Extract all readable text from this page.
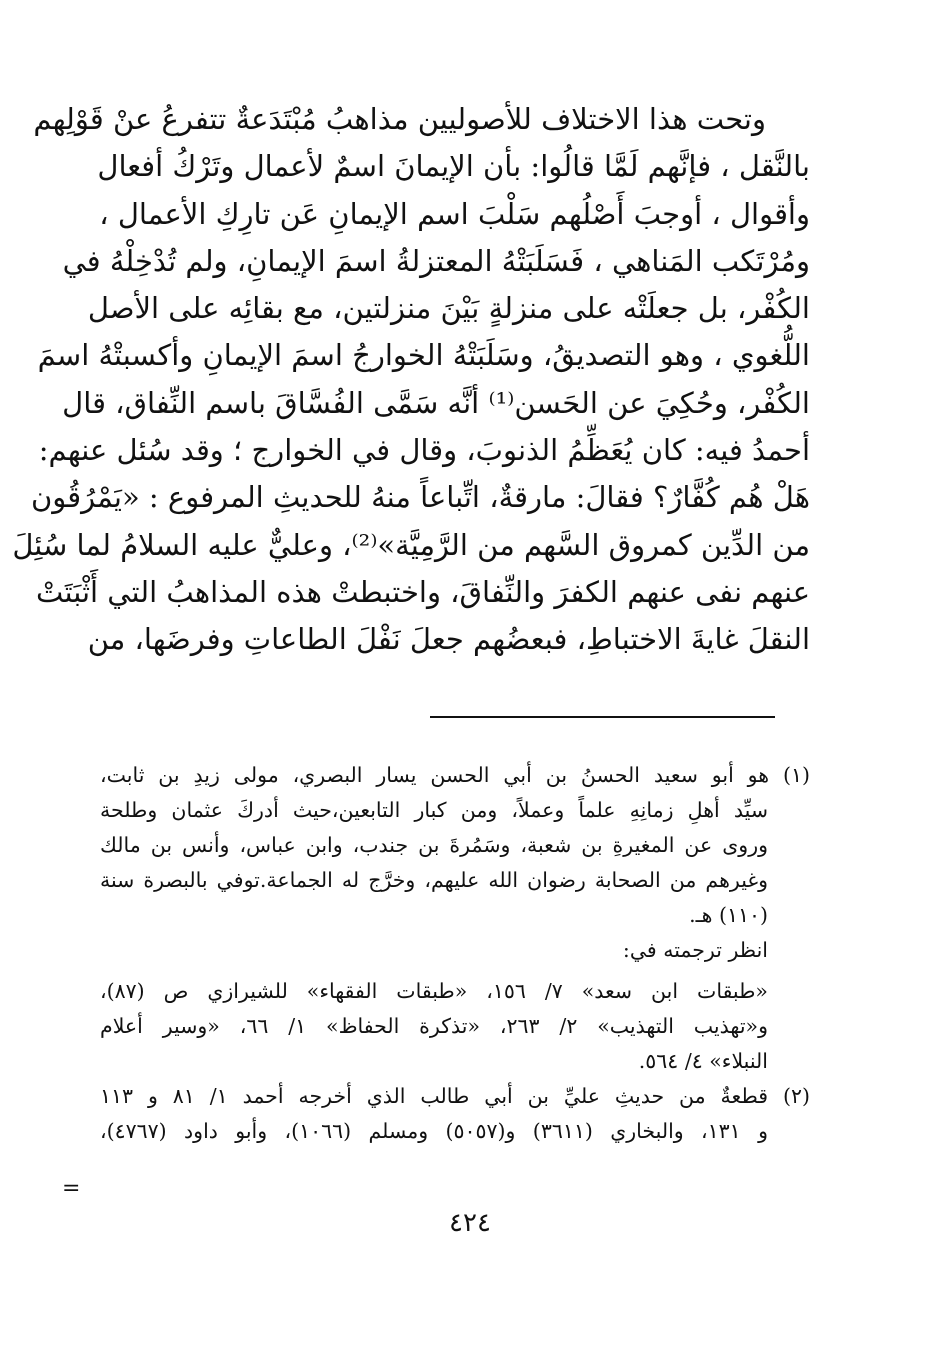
وتحت هذا الاختلاف للأصوليين مذاهبُ مُبْتَدَعةٌ تتفرعُ عنْ قَوْلِهم
بالنَّقل ، فإنَّهم لَمَّا قالُوا: بأن الإيمانَ اسمٌ لأعمال وتَرْكُ أفعال
وأقوال ، أوجبَ أَصْلُهم سَلْبَ اسم الإيمانِ عَن تارِكِ الأعمال ،
ومُرْتَكب المَناهي ، فَسَلَبَتْهُ المعتزلةُ اسمَ الإيمانِ، ولم تُدْخِلْهُ في
الكُفْر، بل جعلَتْه على منزلةٍ بَيْنَ منزلتين، مع بقائِه على الأصل
اللُّغوي ، وهو التصديقُ، وسَلَبَتْهُ الخوارجُ اسمَ الإيمانِ وأكسبتْهُ اسمَ
الكُفْر، وحُكِيَ عن الحَسن⁽¹⁾ أنَّه سَمَّى الفُسَّاقَ باسم النِّفاق، قال
أحمدُ فيه: كان يُعَظِّمُ الذنوبَ، وقال في الخوارج ؛ وقد سُئل عنهم:
هَلْ هُم كُفَّارٌ؟ فقالَ: مارقةٌ، اتِّباعاً منهُ للحديثِ المرفوع : «يَمْرُقُون
من الدِّين كمروق السَّهم من الرَّمِيَّة»⁽²⁾، وعليٌّ عليه السلامُ لما سُئِلَ
عنهم نفى عنهم الكفرَ والنِّفاقَ، واختبطتْ هذه المذاهبُ التي أَثْبَتَتْ
النقلَ غايةَ الاختباطِ، فبعضُهم جعلَ نَفْلَ الطاعاتِ وفرضَها، من
(١) هو أبو سعيد الحسنُ بن أبي الحسن يسار البصري، مولى زيدِ بن ثابت،
سيِّد أهلِ زمانِهِ علماً وعملاً، ومن كبار التابعين،حيث أدركَ عثمان وطلحة
وروى عن المغيرةِ بن شعبة، وسَمُرةَ بن جندب، وابن عباس، وأنس بن مالك
وغيرهم من الصحابة رضوان الله عليهم، وخرَّج له الجماعة.توفي بالبصرة سنة
(١١٠) هـ.
انظر ترجمته في:
«طبقات ابن سعد» ٧/ ١٥٦، «طبقات الفقهاء» للشيرازي ص (٨٧)،
و«تهذيب التهذيب» ٢/ ٢٦٣، «تذكرة الحفاظ» ١/ ٦٦، «وسير أعلام
النبلاء» ٤/ ٥٦٤.
(٢) قطعةٌ من حديثِ عليِّ بن أبي طالب الذي أخرجه أحمد ١/ ٨١ و ١١٣
و ١٣١، والبخاري (٣٦١١) و(٥٠٥٧) ومسلم (١٠٦٦)، وأبو داود (٤٧٦٧)،
=
٤٢٤
